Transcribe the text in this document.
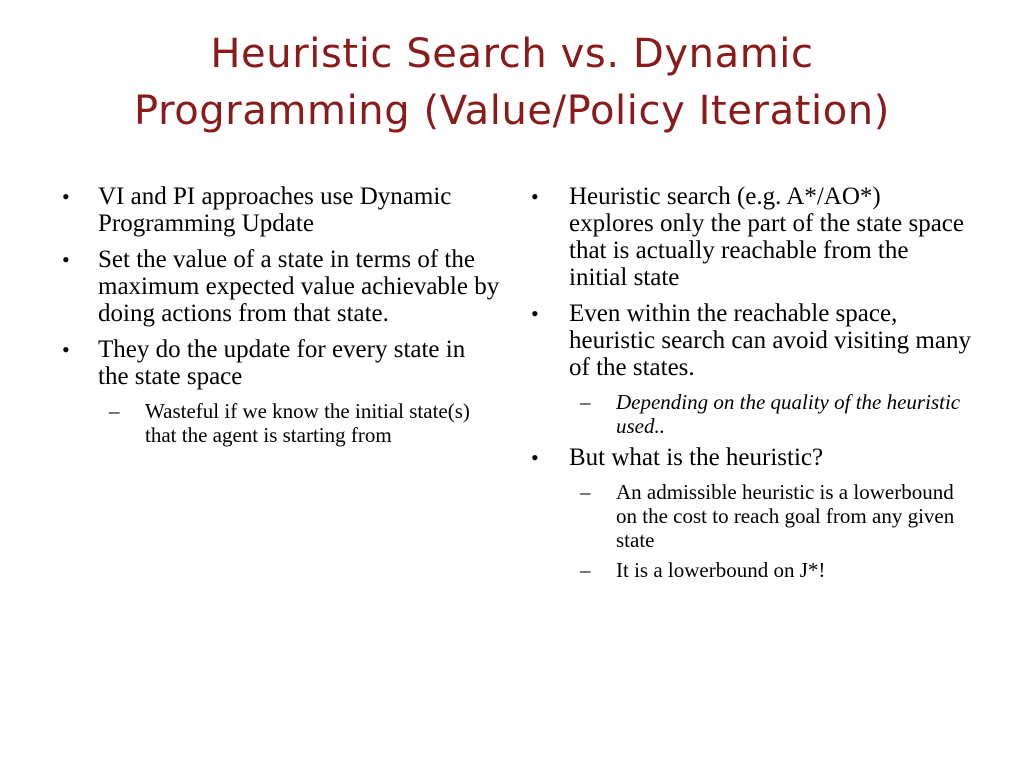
Heuristic Search vs. Dynamic
Programming (Value/Policy Iteration)
•	VI and PI approaches use Dynamic Programming Update
•	Set the value of a state in terms of the maximum expected value achievable by doing actions from that state.
•	They do the update for every state in the state space
– Wasteful if we know the initial state(s) that the agent is starting from
•	Heuristic search (e.g. A*/AO*) explores only the part of the state space that is actually reachable from the initial state
•	Even within the reachable space, heuristic search can avoid visiting many of the states.
– Depending on the quality of the heuristic used..
•	But what is the heuristic?
– An admissible heuristic is a lowerbound on the cost to reach goal from any given state
– It is a lowerbound on J*!
